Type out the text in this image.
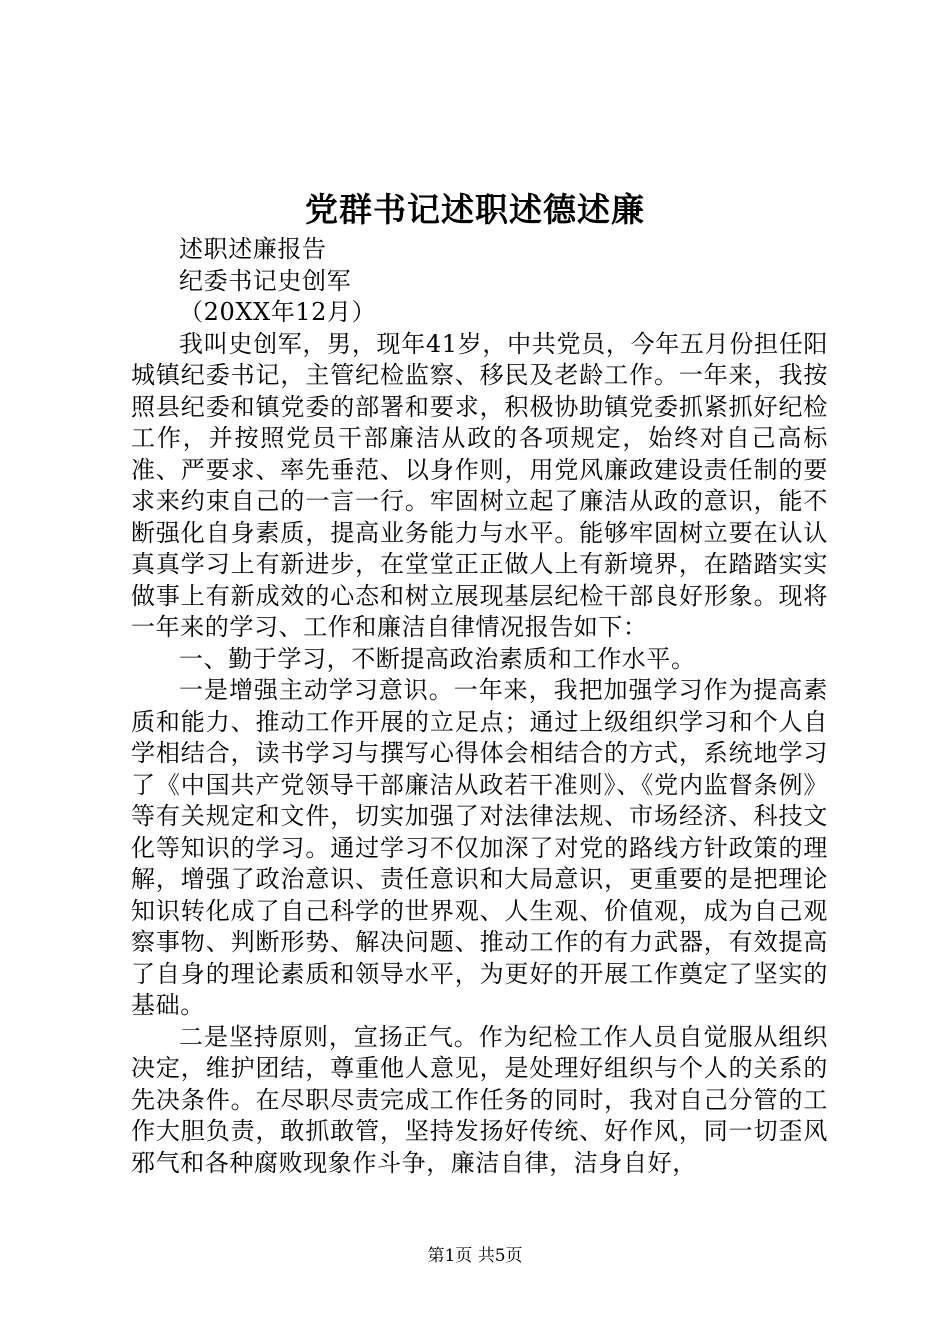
党群书记述职述德述廉

述职述廉报告

纪委书记史创军

（20XX年12月）

我叫史创军，男，现年41岁，中共党员，今年五月份担任阳城镇纪委书记，主管纪检监察、移民及老龄工作。一年来，我按照县纪委和镇党委的部署和要求，积极协助镇党委抓紧抓好纪检工作，并按照党员干部廉洁从政的各项规定，始终对自己高标准、严要求、率先垂范、以身作则，用党风廉政建设责任制的要求来约束自己的一言一行。牢固树立起了廉洁从政的意识，能不断强化自身素质，提高业务能力与水平。能够牢固树立要在认认真真学习上有新进步，在堂堂正正做人上有新境界，在踏踏实实做事上有新成效的心态和树立展现基层纪检干部良好形象。现将一年来的学习、工作和廉洁自律情况报告如下：

一、勤于学习，不断提高政治素质和工作水平。

一是增强主动学习意识。一年来，我把加强学习作为提高素质和能力、推动工作开展的立足点；通过上级组织学习和个人自学相结合，读书学习与撰写心得体会相结合的方式，系统地学习了《中国共产党领导干部廉洁从政若干准则》、《党内监督条例》等有关规定和文件，切实加强了对法律法规、市场经济、科技文化等知识的学习。通过学习不仅加深了对党的路线方针政策的理解，增强了政治意识、责任意识和大局意识，更重要的是把理论知识转化成了自己科学的世界观、人生观、价值观，成为自己观察事物、判断形势、解决问题、推动工作的有力武器，有效提高了自身的理论素质和领导水平，为更好的开展工作奠定了坚实的基础。

二是坚持原则，宣扬正气。作为纪检工作人员自觉服从组织决定，维护团结，尊重他人意见，是处理好组织与个人的关系的先决条件。在尽职尽责完成工作任务的同时，我对自己分管的工作大胆负责，敢抓敢管，坚持发扬好传统、好作风，同一切歪风邪气和各种腐败现象作斗争，廉洁自律，洁身自好，

第1页 共5页
